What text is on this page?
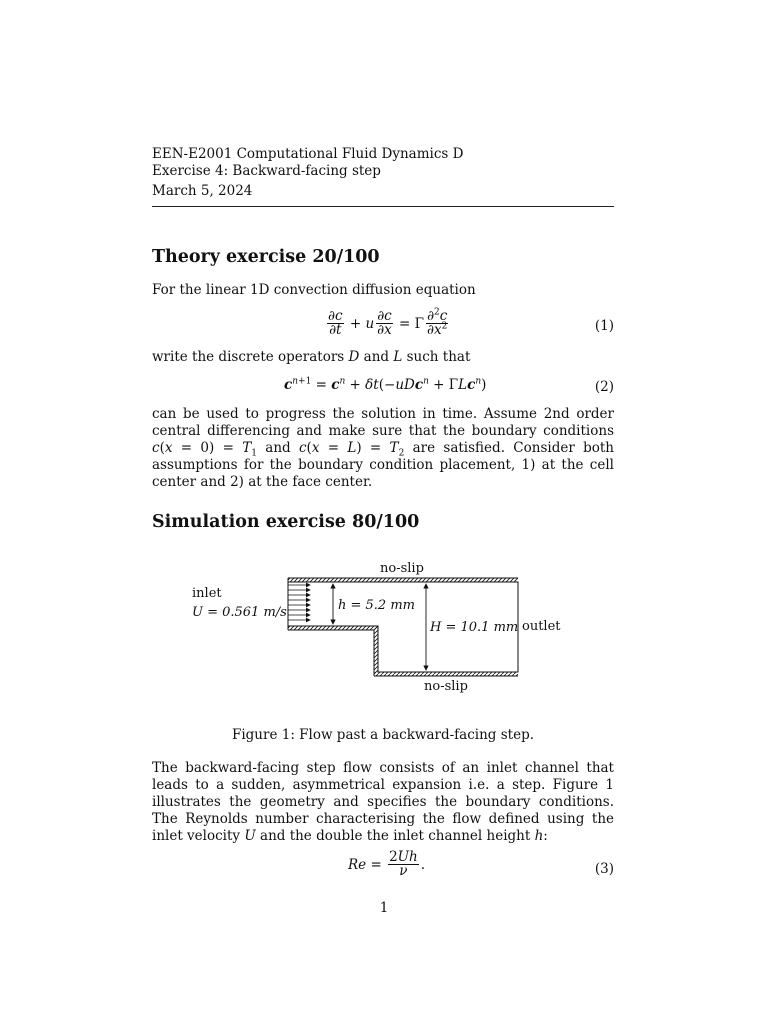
EEN-E2001 Computational Fluid Dynamics D
Exercise 4: Backward-facing step
March 5, 2024
Theory exercise 20/100
For the linear 1D convection diffusion equation
$\frac{\partial c}{\partial t} + u \frac{\partial c}{\partial x} = \Gamma \frac{\partial^2c}{\partial x^2}$	(1)
write the discrete operators D and L such that
$c^{n+1} = c^n + \delta t(-uDc^n + \Gamma Lc^n)$	(2)

can be used to progress the solution in time. Assume 2nd order central differencing and make sure that the boundary conditions $c(x = 0) = T_1$ and $c(x = L) = T_2$ are satisfied. Consider both assumptions for the boundary condition placement, 1) at the cell center and 2) at the face center.

Simulation exercise 80/100
no-slip
no-slip
inlet
U = 0.561 m/s	h = 5.2 mm
H = 10.1 mm outlet
Figure 1: Flow past a backward-facing step.

The backward-facing step flow consists of an inlet channel that leads to a sudden, asymmetrical expansion i.e. a step. Figure 1 illustrates the geometry and specifies the boundary conditions. The Reynolds number characterising the flow defined using the inlet velocity U and the double the inlet channel height h:

$Re = \frac{2Uh}{\nu}$ .	(3)
1
